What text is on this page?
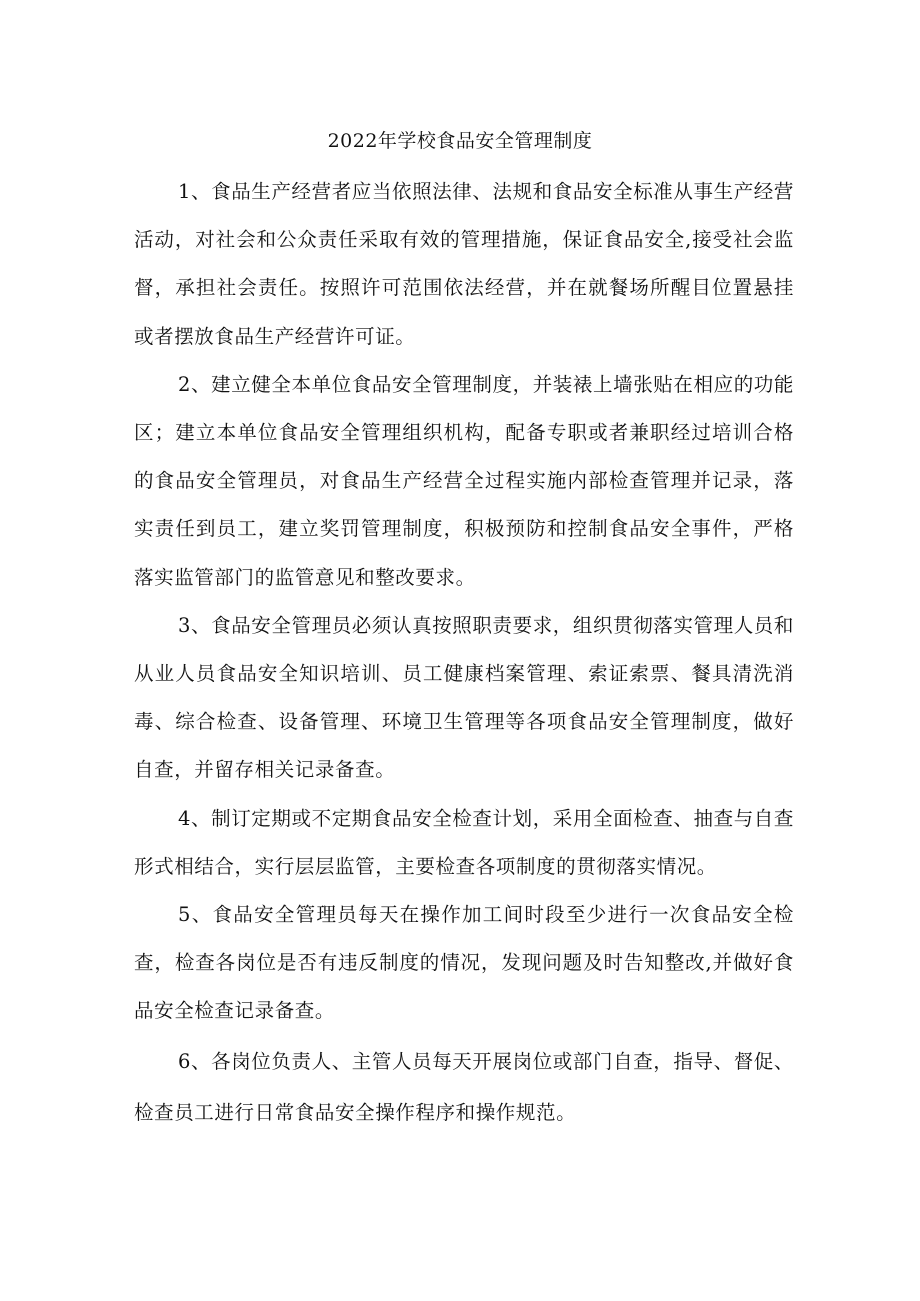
2022年学校食品安全管理制度

1、食品生产经营者应当依照法律、法规和食品安全标准从事生产经营活动，对社会和公众责任采取有效的管理措施，保证食品安全,接受社会监督，承担社会责任。按照许可范围依法经营，并在就餐场所醒目位置悬挂或者摆放食品生产经营许可证。

2、建立健全本单位食品安全管理制度，并装裱上墙张贴在相应的功能区；建立本单位食品安全管理组织机构，配备专职或者兼职经过培训合格的食品安全管理员，对食品生产经营全过程实施内部检查管理并记录，落实责任到员工，建立奖罚管理制度，积极预防和控制食品安全事件，严格落实监管部门的监管意见和整改要求。

3、食品安全管理员必须认真按照职责要求，组织贯彻落实管理人员和从业人员食品安全知识培训、员工健康档案管理、索证索票、餐具清洗消毒、综合检查、设备管理、环境卫生管理等各项食品安全管理制度，做好自查，并留存相关记录备查。

4、制订定期或不定期食品安全检查计划，采用全面检查、抽查与自查形式相结合，实行层层监管，主要检查各项制度的贯彻落实情况。

5、食品安全管理员每天在操作加工间时段至少进行一次食品安全检查，检查各岗位是否有违反制度的情况，发现问题及时告知整改,并做好食品安全检查记录备查。

6、各岗位负责人、主管人员每天开展岗位或部门自查，指导、督促、检查员工进行日常食品安全操作程序和操作规范。
